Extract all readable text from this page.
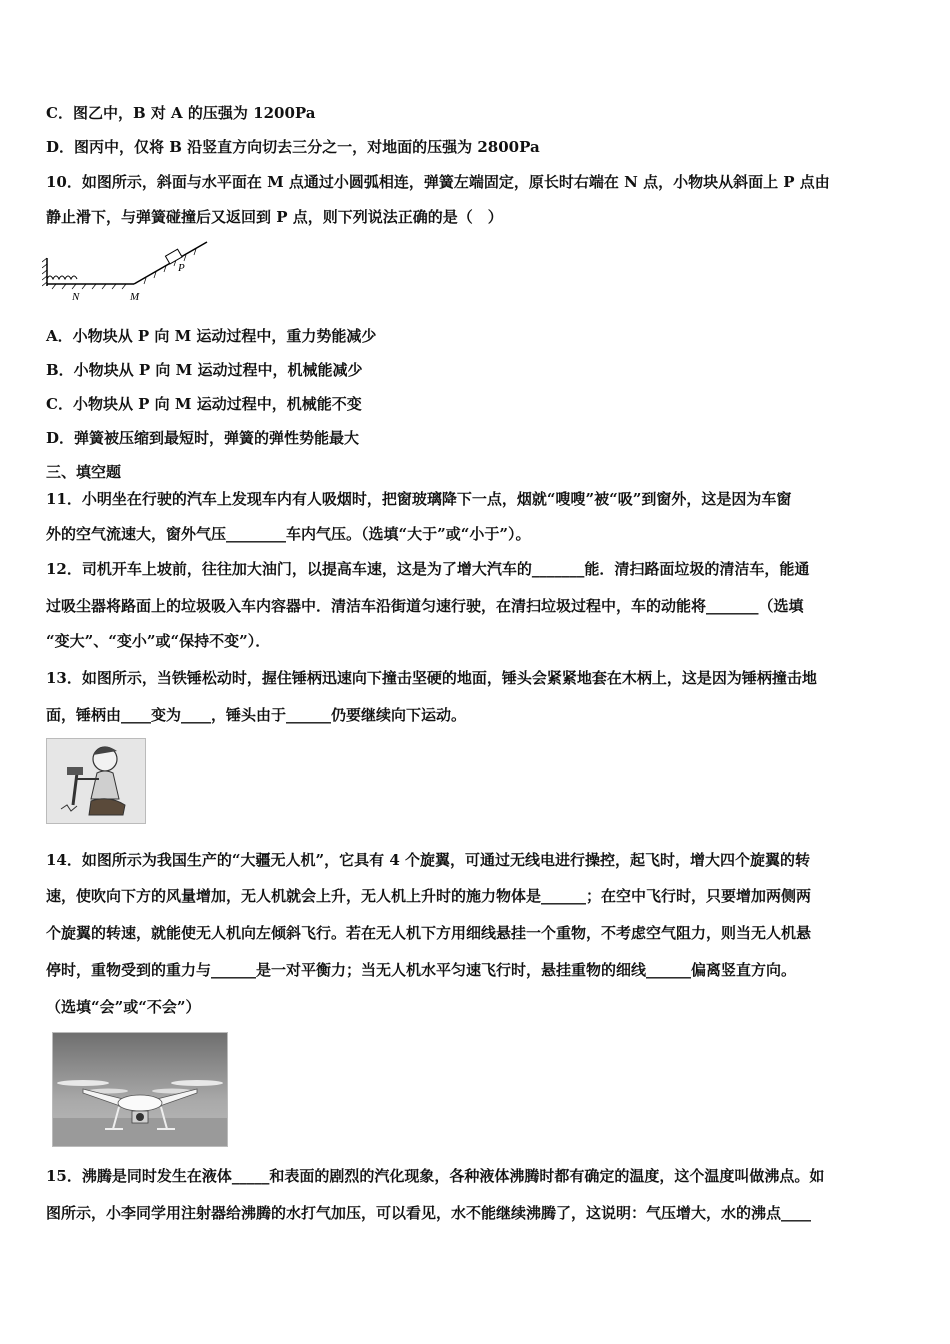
C．图乙中，B 对 A 的压强为 1200Pa
D．图丙中，仅将 B 沿竖直方向切去三分之一，对地面的压强为 2800Pa
10．如图所示，斜面与水平面在 M 点通过小圆弧相连，弹簧左端固定，原长时右端在 N 点，小物块从斜面上 P 点由
静止滑下，与弹簧碰撞后又返回到 P 点，则下列说法正确的是（　）
P
N	M
A．小物块从 P 向 M 运动过程中，重力势能减少
B．小物块从 P 向 M 运动过程中，机械能减少
C．小物块从 P 向 M 运动过程中，机械能不变
D．弹簧被压缩到最短时，弹簧的弹性势能最大
三、填空题
11．小明坐在行驶的汽车上发现车内有人吸烟时，把窗玻璃降下一点，烟就“嗖嗖”被“吸”到窗外，这是因为车窗
外的空气流速大，窗外气压________车内气压。（选填“大于”或“小于”）。
12．司机开车上坡前，往往加大油门，以提高车速，这是为了增大汽车的_______能．清扫路面垃圾的清洁车，能通
过吸尘器将路面上的垃圾吸入车内容器中．清洁车沿街道匀速行驶，在清扫垃圾过程中，车的动能将_______（选填
“变大”、“变小”或“保持不变”）．
13．如图所示，当铁锤松动时，握住锤柄迅速向下撞击坚硬的地面，锤头会紧紧地套在木柄上，这是因为锤柄撞击地
面，锤柄由____变为____，锤头由于______仍要继续向下运动。
14．如图所示为我国生产的“大疆无人机”，它具有 4 个旋翼，可通过无线电进行操控，起飞时，增大四个旋翼的转
速，使吹向下方的风量增加，无人机就会上升，无人机上升时的施力物体是______；在空中飞行时，只要增加两侧两
个旋翼的转速，就能使无人机向左倾斜飞行。若在无人机下方用细线悬挂一个重物，不考虑空气阻力，则当无人机悬
停时，重物受到的重力与______是一对平衡力；当无人机水平匀速飞行时，悬挂重物的细线______偏离竖直方向。
（选填“会”或“不会”）
15．沸腾是同时发生在液体_____和表面的剧烈的汽化现象，各种液体沸腾时都有确定的温度，这个温度叫做沸点。如
图所示，小李同学用注射器给沸腾的水打气加压，可以看见，水不能继续沸腾了，这说明：气压增大，水的沸点____
